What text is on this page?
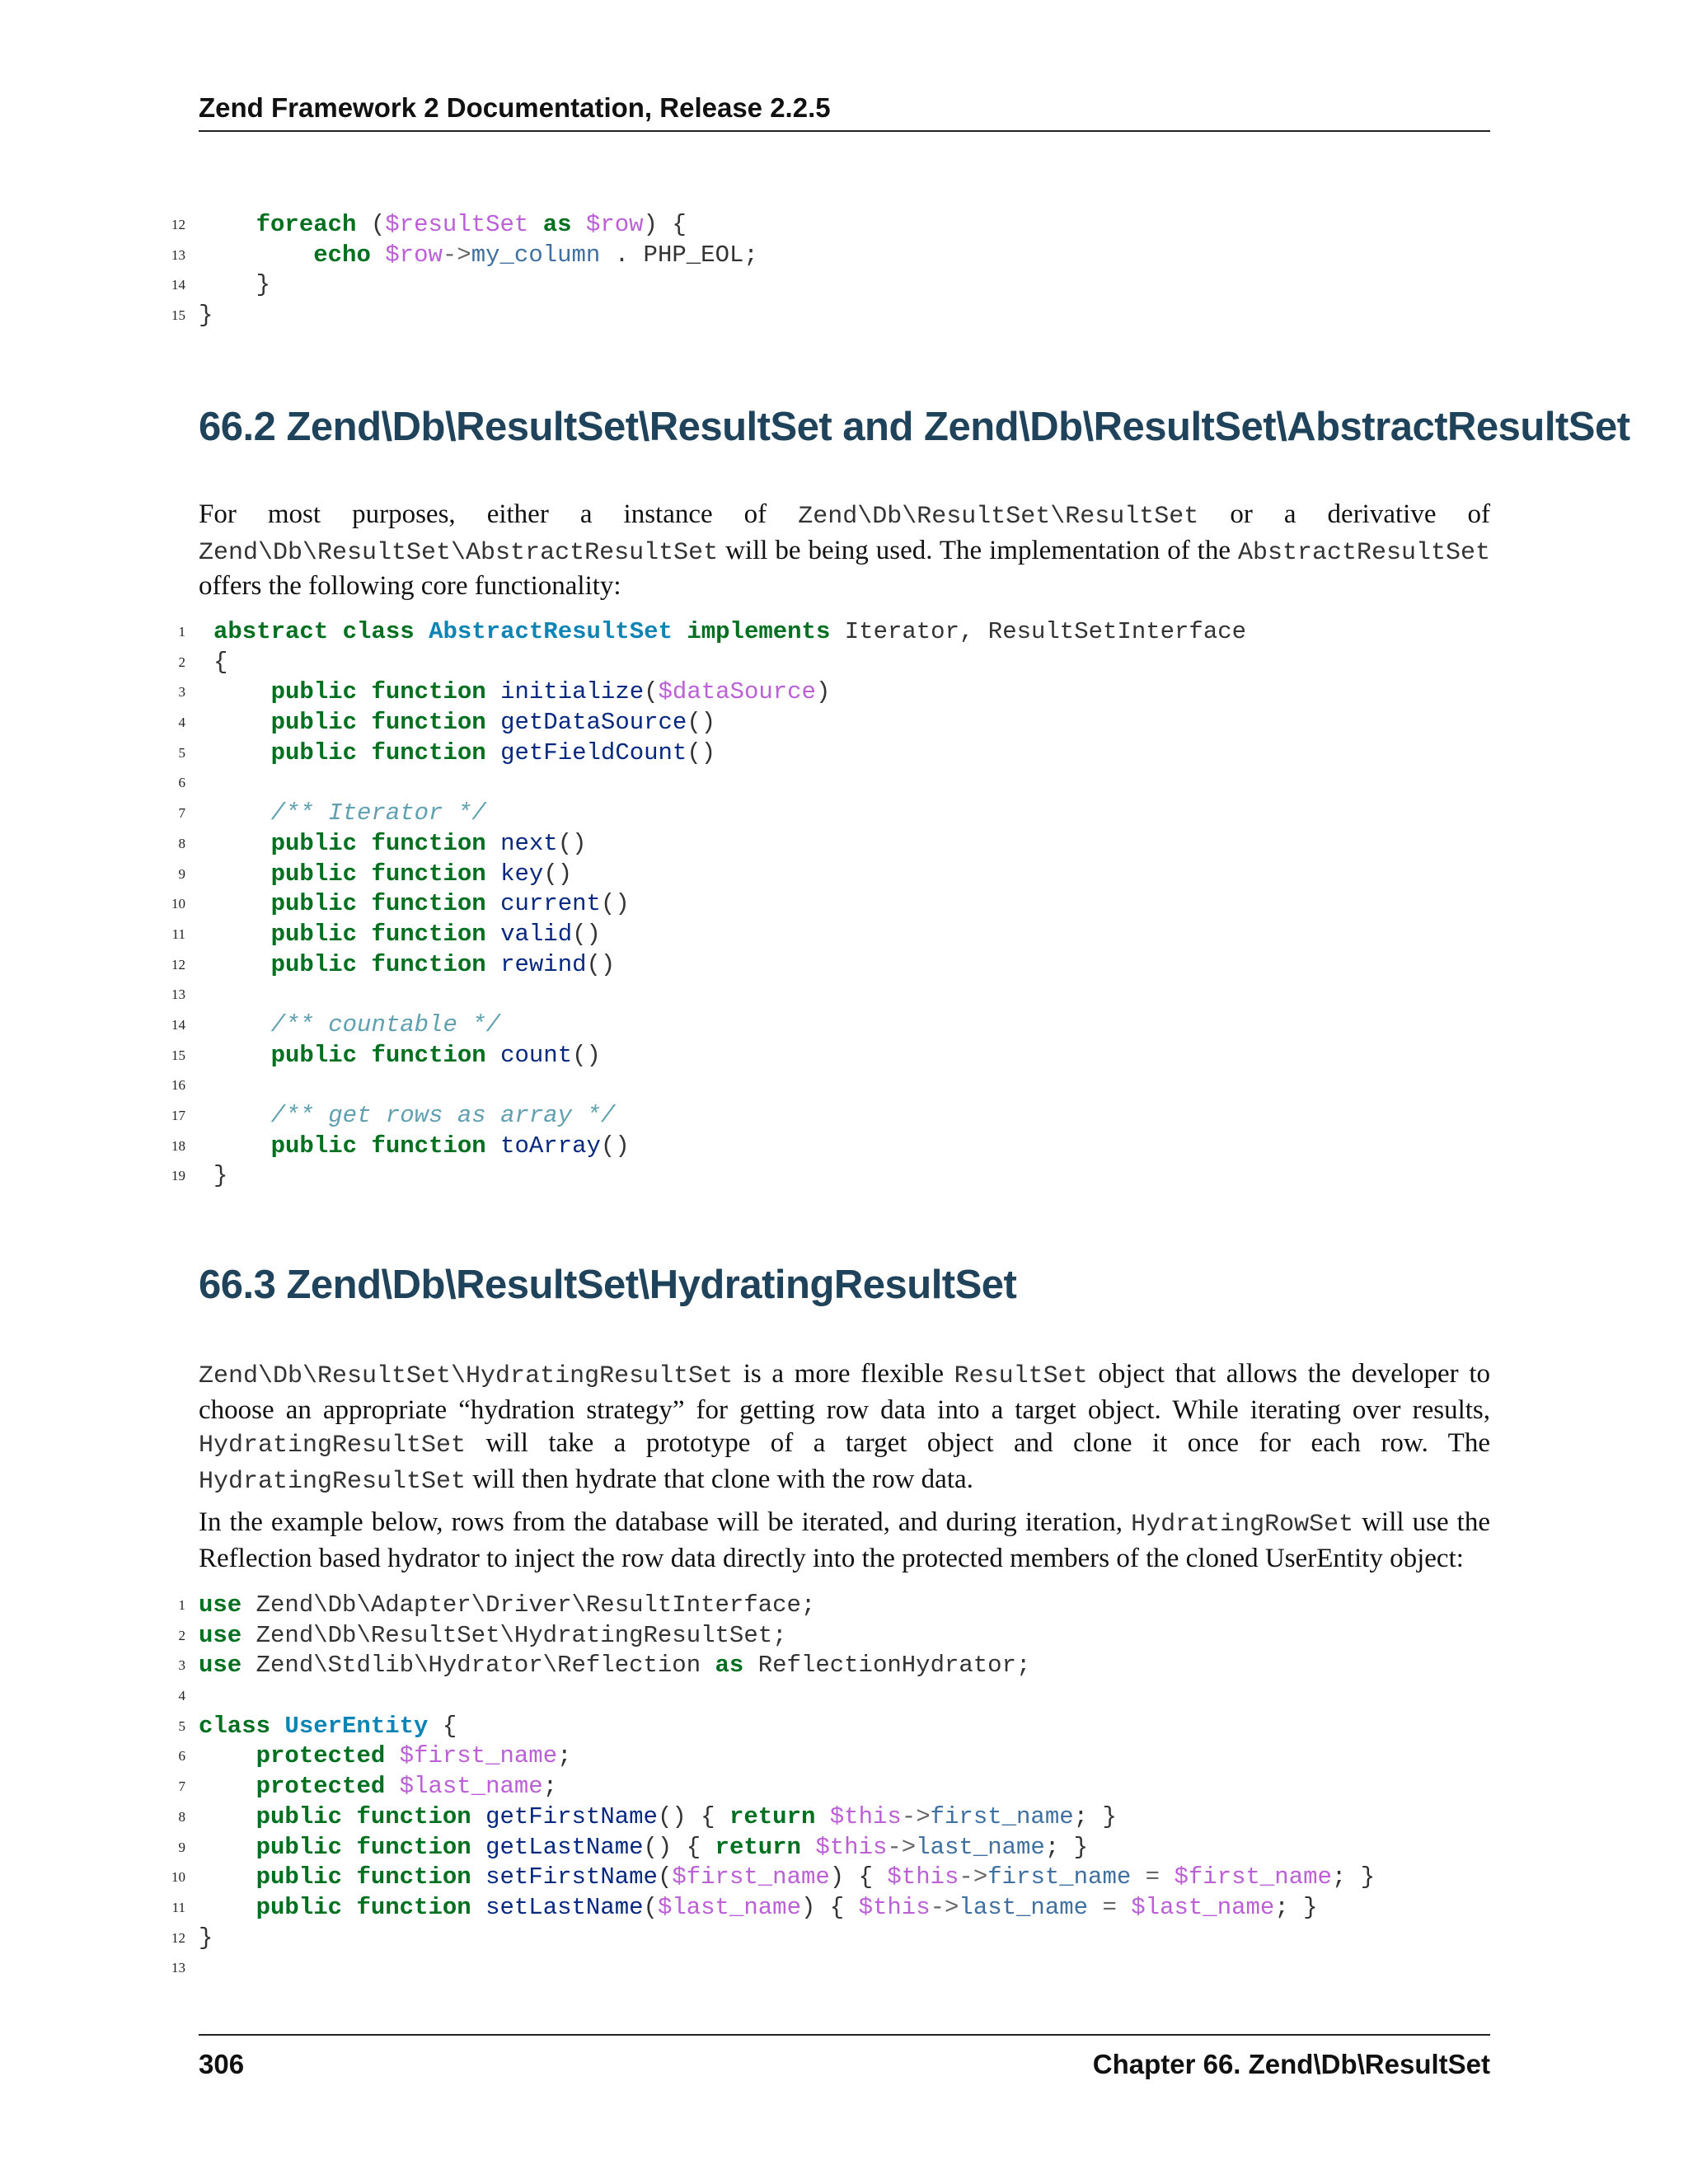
Zend Framework 2 Documentation, Release 2.2.5
12	foreach ($resultSet as $row) {
13	echo $row->my_column . PHP_EOL;
14 }
15 }
66.2 Zend\Db\ResultSet\ResultSet and Zend\Db\ResultSet\AbstractResultSet
For most purposes, either a instance of Zend\Db\ResultSet\ResultSet or a derivative of Zend\Db\ResultSet\AbstractResultSet will be being used. The implementation of the AbstractResultSet offers the following core functionality:
1 abstract class AbstractResultSet implements Iterator, ResultSetInterface
2 {
3	public function initialize($dataSource)
4	public function getDataSource()
5	public function getFieldCount()
6

7	/** Iterator */
8	public function next()
9	public function key()
10	public function current()
11	public function valid()
12	public function rewind()
13

14	/** countable */
15	public function count()
16

17	/** get rows as array */
18	public function toArray()
19 }
66.3 Zend\Db\ResultSet\HydratingResultSet
Zend\Db\ResultSet\HydratingResultSet is a more flexible ResultSet object that allows the developer to choose an appropriate “hydration strategy” for getting row data into a target object. While iterating over results, HydratingResultSet will take a prototype of a target object and clone it once for each row. The HydratingResultSet will then hydrate that clone with the row data.
In the example below, rows from the database will be iterated, and during iteration, HydratingRowSet will use the Reflection based hydrator to inject the row data directly into the protected members of the cloned UserEntity object:
1 use Zend\Db\Adapter\Driver\ResultInterface;
2 use Zend\Db\ResultSet\HydratingResultSet;
3 use Zend\Stdlib\Hydrator\Reflection as ReflectionHydrator;
4

5 class UserEntity {
6	protected $first_name;
7	protected $last_name;
8	public function getFirstName() { return $this->first_name; }
9	public function getLastName() { return $this->last_name; }
10	public function setFirstName($first_name) { $this->first_name = $first_name; }
11	public function setLastName($last_name) { $this->last_name = $last_name; }
12 }
13

306	Chapter 66. Zend\Db\ResultSet
